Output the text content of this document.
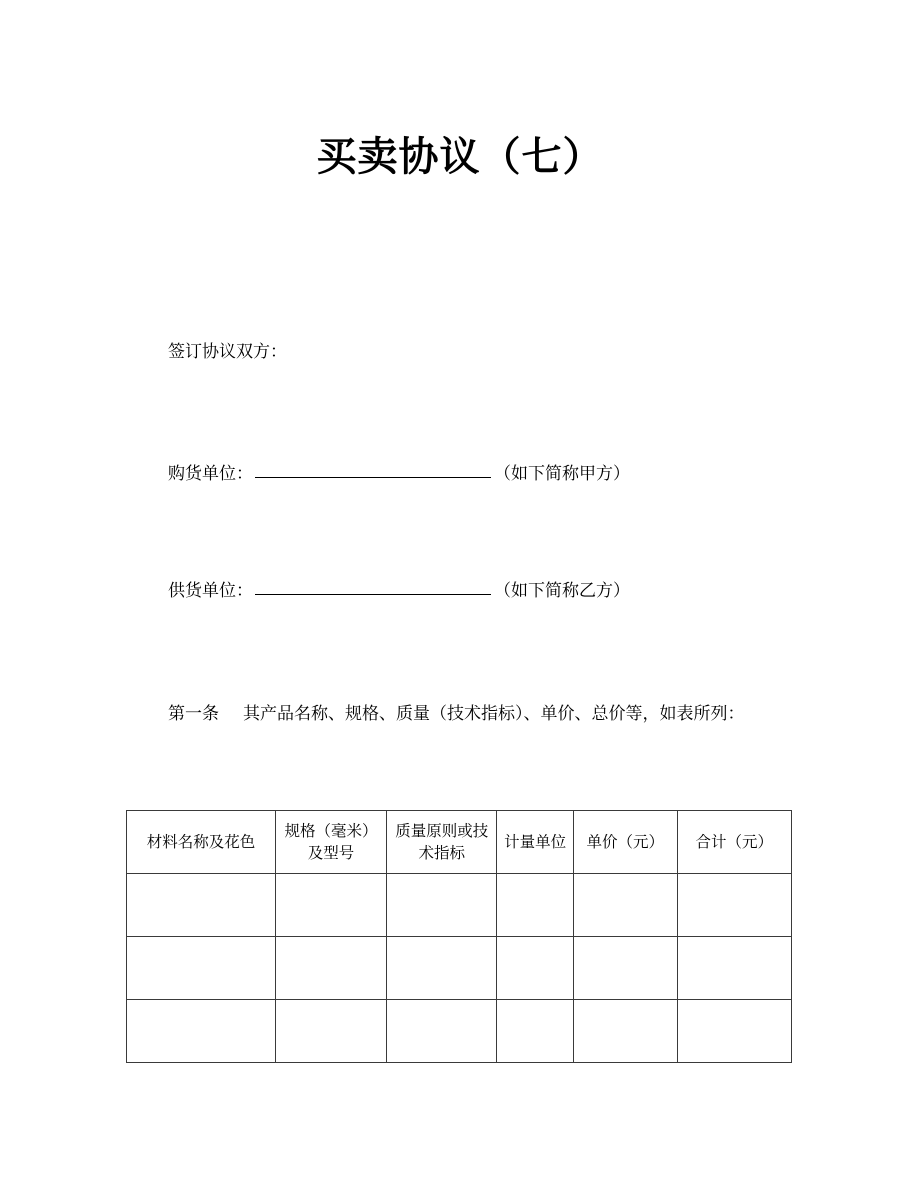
买卖协议（七）
签订协议双方：
购货单位：	（如下简称甲方）
供货单位：	（如下简称乙方）
第一条 其产品名称、规格、质量（技术指标）、单价、总价等，如表所列：
材料名称及花色	规格（毫米）及型号	质量原则或技术指标	计量单位	单价（元）	合计（元）
